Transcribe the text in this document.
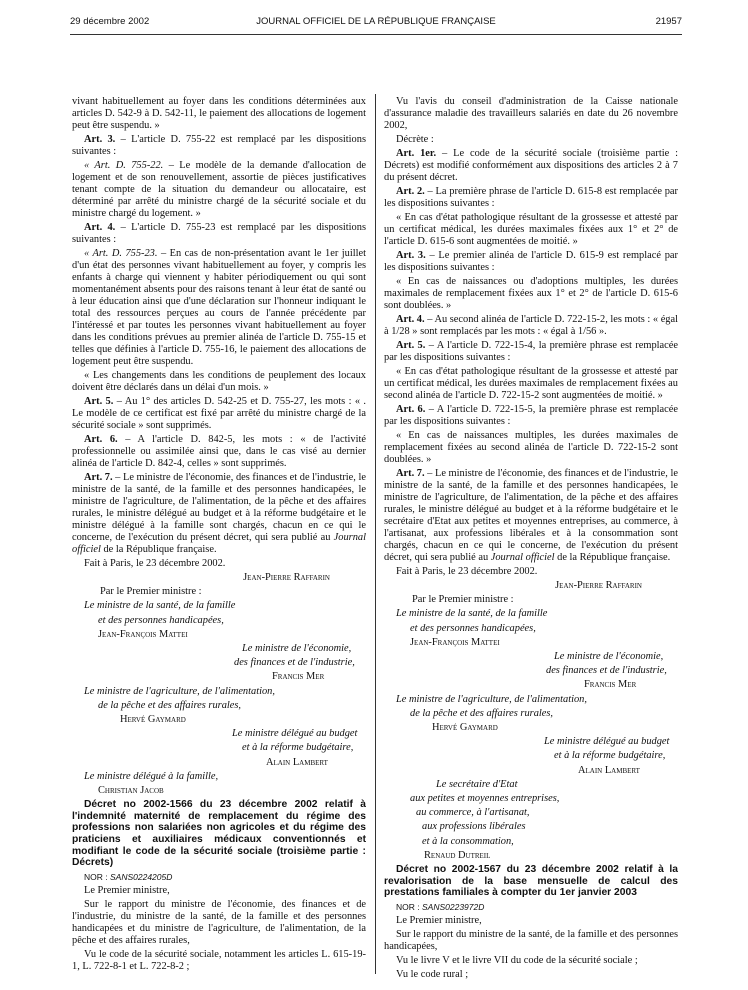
29 décembre 2002	JOURNAL OFFICIEL DE LA RÉPUBLIQUE FRANÇAISE	21957

vivant habituellement au foyer dans les conditions déterminées aux articles D. 542-9 à D. 542-11, le paiement des allocations de logement peut être suspendu. »

Art. 3. – L'article D. 755-22 est remplacé par les dispositions suivantes :

« Art. D. 755-22. – Le modèle de la demande d'allocation de logement et de son renouvellement, assortie de pièces justificatives tenant compte de la situation du demandeur ou allocataire, est déterminé par arrêté du ministre chargé de la sécurité sociale et du ministre chargé du logement. »

Art. 4. – L'article D. 755-23 est remplacé par les dispositions suivantes :

« Art. D. 755-23. – En cas de non-présentation avant le 1er juillet d'un état des personnes vivant habituellement au foyer, y compris les enfants à charge qui viennent y habiter périodiquement ou qui sont momentanément absents pour des raisons tenant à leur état de santé ou à leur éducation ainsi que d'une déclaration sur l'honneur indiquant le total des ressources perçues au cours de l'année précédente par l'intéressé et par toutes les personnes vivant habituellement au foyer dans les conditions prévues au premier alinéa de l'article D. 755-15 et telles que définies à l'article D. 755-16, le paiement des allocations de logement peut être suspendu.

« Les changements dans les conditions de peuplement des locaux doivent être déclarés dans un délai d'un mois. »

Art. 5. – Au 1° des articles D. 542-25 et D. 755-27, les mots : « . Le modèle de ce certificat est fixé par arrêté du ministre chargé de la sécurité sociale » sont supprimés.

Art. 6. – A l'article D. 842-5, les mots : « de l'activité professionnelle ou assimilée ainsi que, dans le cas visé au dernier alinéa de l'article D. 842-4, celles » sont supprimés.

Art. 7. – Le ministre de l'économie, des finances et de l'industrie, le ministre de la santé, de la famille et des personnes handicapées, le ministre de l'agriculture, de l'alimentation, de la pêche et des affaires rurales, le ministre délégué au budget et à la réforme budgétaire et le ministre délégué à la famille sont chargés, chacun en ce qui le concerne, de l'exécution du présent décret, qui sera publié au Journal officiel de la République française.

Fait à Paris, le 23 décembre 2002.

Jean-Pierre Raffarin

Par le Premier ministre :

Le ministre de la santé, de la famille

et des personnes handicapées,

Jean-François Mattei

Le ministre de l'économie,

des finances et de l'industrie,

Francis Mer

Le ministre de l'agriculture, de l'alimentation,

de la pêche et des affaires rurales,

Hervé Gaymard

Le ministre délégué au budget

et à la réforme budgétaire,

Alain Lambert

Le ministre délégué à la famille,

Christian Jacob

Décret no 2002-1566 du 23 décembre 2002 relatif à l'indemnité maternité de remplacement du régime des professions non salariées non agricoles et du régime des praticiens et auxiliaires médicaux conventionnés et modifiant le code de la sécurité sociale (troisième partie : Décrets)

NOR : SANS0224205D

Le Premier ministre,

Sur le rapport du ministre de l'économie, des finances et de l'industrie, du ministre de la santé, de la famille et des personnes handicapées et du ministre de l'agriculture, de l'alimentation, de la pêche et des affaires rurales,

Vu le code de la sécurité sociale, notamment les articles L. 615-19-1, L. 722-8-1 et L. 722-8-2 ;

Vu l'avis du conseil d'administration de la Caisse nationale d'assurance maladie des travailleurs salariés en date du 26 novembre 2002,

Décrète :

Art. 1er. – Le code de la sécurité sociale (troisième partie : Décrets) est modifié conformément aux dispositions des articles 2 à 7 du présent décret.

Art. 2. – La première phrase de l'article D. 615-8 est remplacée par les dispositions suivantes :

« En cas d'état pathologique résultant de la grossesse et attesté par un certificat médical, les durées maximales fixées aux 1° et 2° de l'article D. 615-6 sont augmentées de moitié. »

Art. 3. – Le premier alinéa de l'article D. 615-9 est remplacé par les dispositions suivantes :

« En cas de naissances ou d'adoptions multiples, les durées maximales de remplacement fixées aux 1° et 2° de l'article D. 615-6 sont doublées. »

Art. 4. – Au second alinéa de l'article D. 722-15-2, les mots : « égal à 1/28 » sont remplacés par les mots : « égal à 1/56 ».

Art. 5. – A l'article D. 722-15-4, la première phrase est remplacée par les dispositions suivantes :

« En cas d'état pathologique résultant de la grossesse et attesté par un certificat médical, les durées maximales de remplacement fixées au second alinéa de l'article D. 722-15-2 sont augmentées de moitié. »

Art. 6. – A l'article D. 722-15-5, la première phrase est remplacée par les dispositions suivantes :

« En cas de naissances multiples, les durées maximales de remplacement fixées au second alinéa de l'article D. 722-15-2 sont doublées. »

Art. 7. – Le ministre de l'économie, des finances et de l'industrie, le ministre de la santé, de la famille et des personnes handicapées, le ministre de l'agriculture, de l'alimentation, de la pêche et des affaires rurales, le ministre délégué au budget et à la réforme budgétaire et le secrétaire d'Etat aux petites et moyennes entreprises, au commerce, à l'artisanat, aux professions libérales et à la consommation sont chargés, chacun en ce qui le concerne, de l'exécution du présent décret, qui sera publié au Journal officiel de la République française.

Fait à Paris, le 23 décembre 2002.

Jean-Pierre Raffarin

Par le Premier ministre :

Le ministre de la santé, de la famille

et des personnes handicapées,

Jean-François Mattei

Le ministre de l'économie,

des finances et de l'industrie,

Francis Mer

Le ministre de l'agriculture, de l'alimentation,

de la pêche et des affaires rurales,

Hervé Gaymard

Le ministre délégué au budget

et à la réforme budgétaire,

Alain Lambert

Le secrétaire d'Etat

aux petites et moyennes entreprises,

au commerce, à l'artisanat,

aux professions libérales

et à la consommation,

Renaud Dutreil

Décret no 2002-1567 du 23 décembre 2002 relatif à la revalorisation de la base mensuelle de calcul des prestations familiales à compter du 1er janvier 2003

NOR : SANS0223972D

Le Premier ministre,

Sur le rapport du ministre de la santé, de la famille et des personnes handicapées,

Vu le livre V et le livre VII du code de la sécurité sociale ;

Vu le code rural ;
